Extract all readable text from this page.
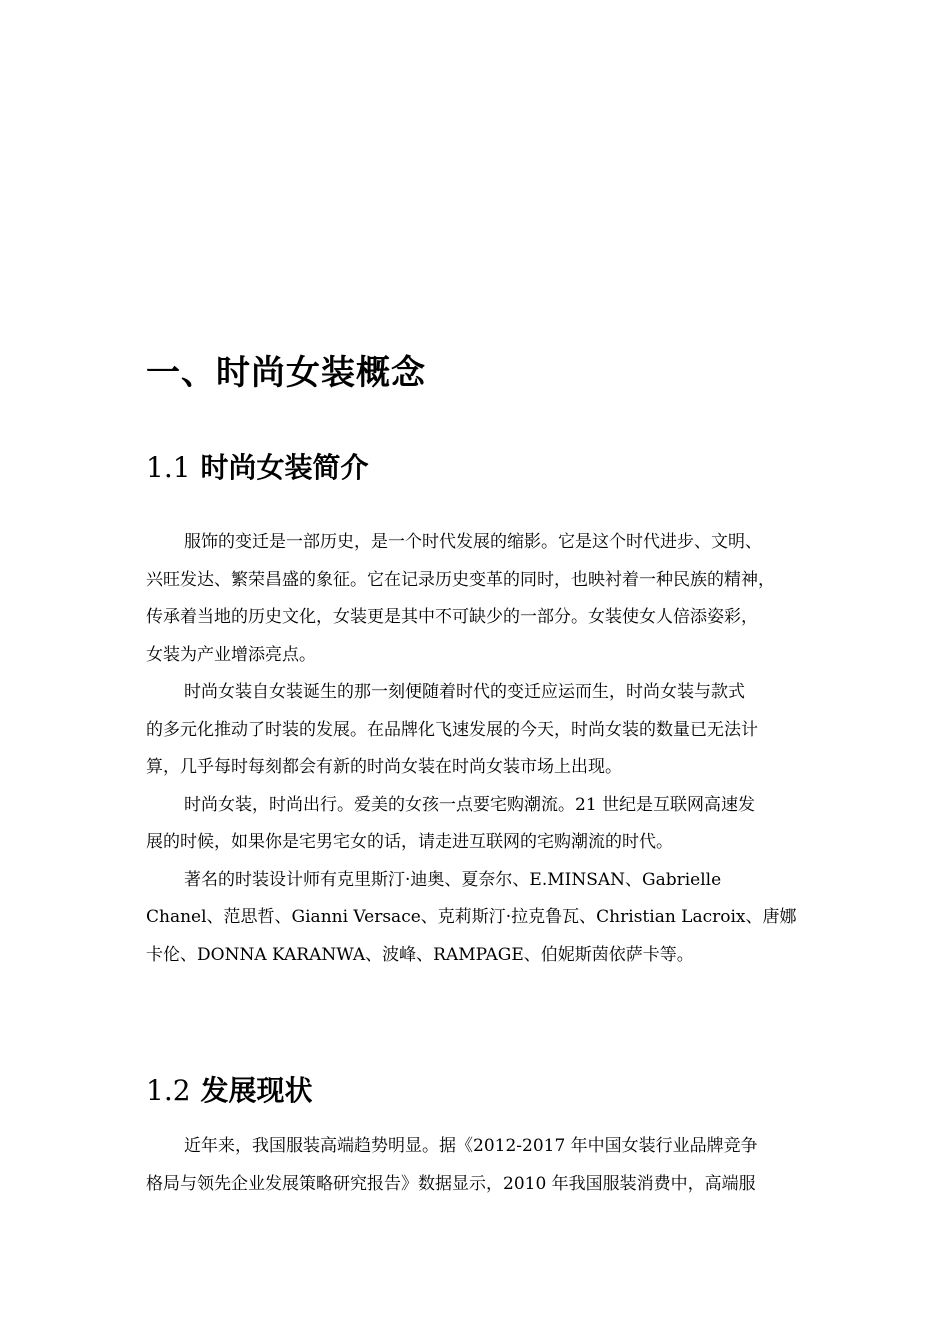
一、时尚女装概念
1.1 时尚女装简介
服饰的变迁是一部历史，是一个时代发展的缩影。它是这个时代进步、文明、
兴旺发达、繁荣昌盛的象征。它在记录历史变革的同时，也映衬着一种民族的精神，
传承着当地的历史文化，女装更是其中不可缺少的一部分。女装使女人倍添姿彩，
女装为产业增添亮点。
时尚女装自女装诞生的那一刻便随着时代的变迁应运而生，时尚女装与款式
的多元化推动了时装的发展。在品牌化飞速发展的今天，时尚女装的数量已无法计
算，几乎每时每刻都会有新的时尚女装在时尚女装市场上出现。
时尚女装，时尚出行。爱美的女孩一点要宅购潮流。21 世纪是互联网高速发
展的时候，如果你是宅男宅女的话，请走进互联网的宅购潮流的时代。
著名的时装设计师有克里斯汀·迪奥、夏奈尔、E.MINSAN、Gabrielle
Chanel、范思哲、Gianni Versace、克莉斯汀·拉克鲁瓦、Christian Lacroix、唐娜
卡伦、DONNA KARANWA、波峰、RAMPAGE、伯妮斯茵依萨卡等。
1.2 发展现状
近年来，我国服装高端趋势明显。据《2012-2017 年中国女装行业品牌竞争
格局与领先企业发展策略研究报告》数据显示，2010 年我国服装消费中，高端服
